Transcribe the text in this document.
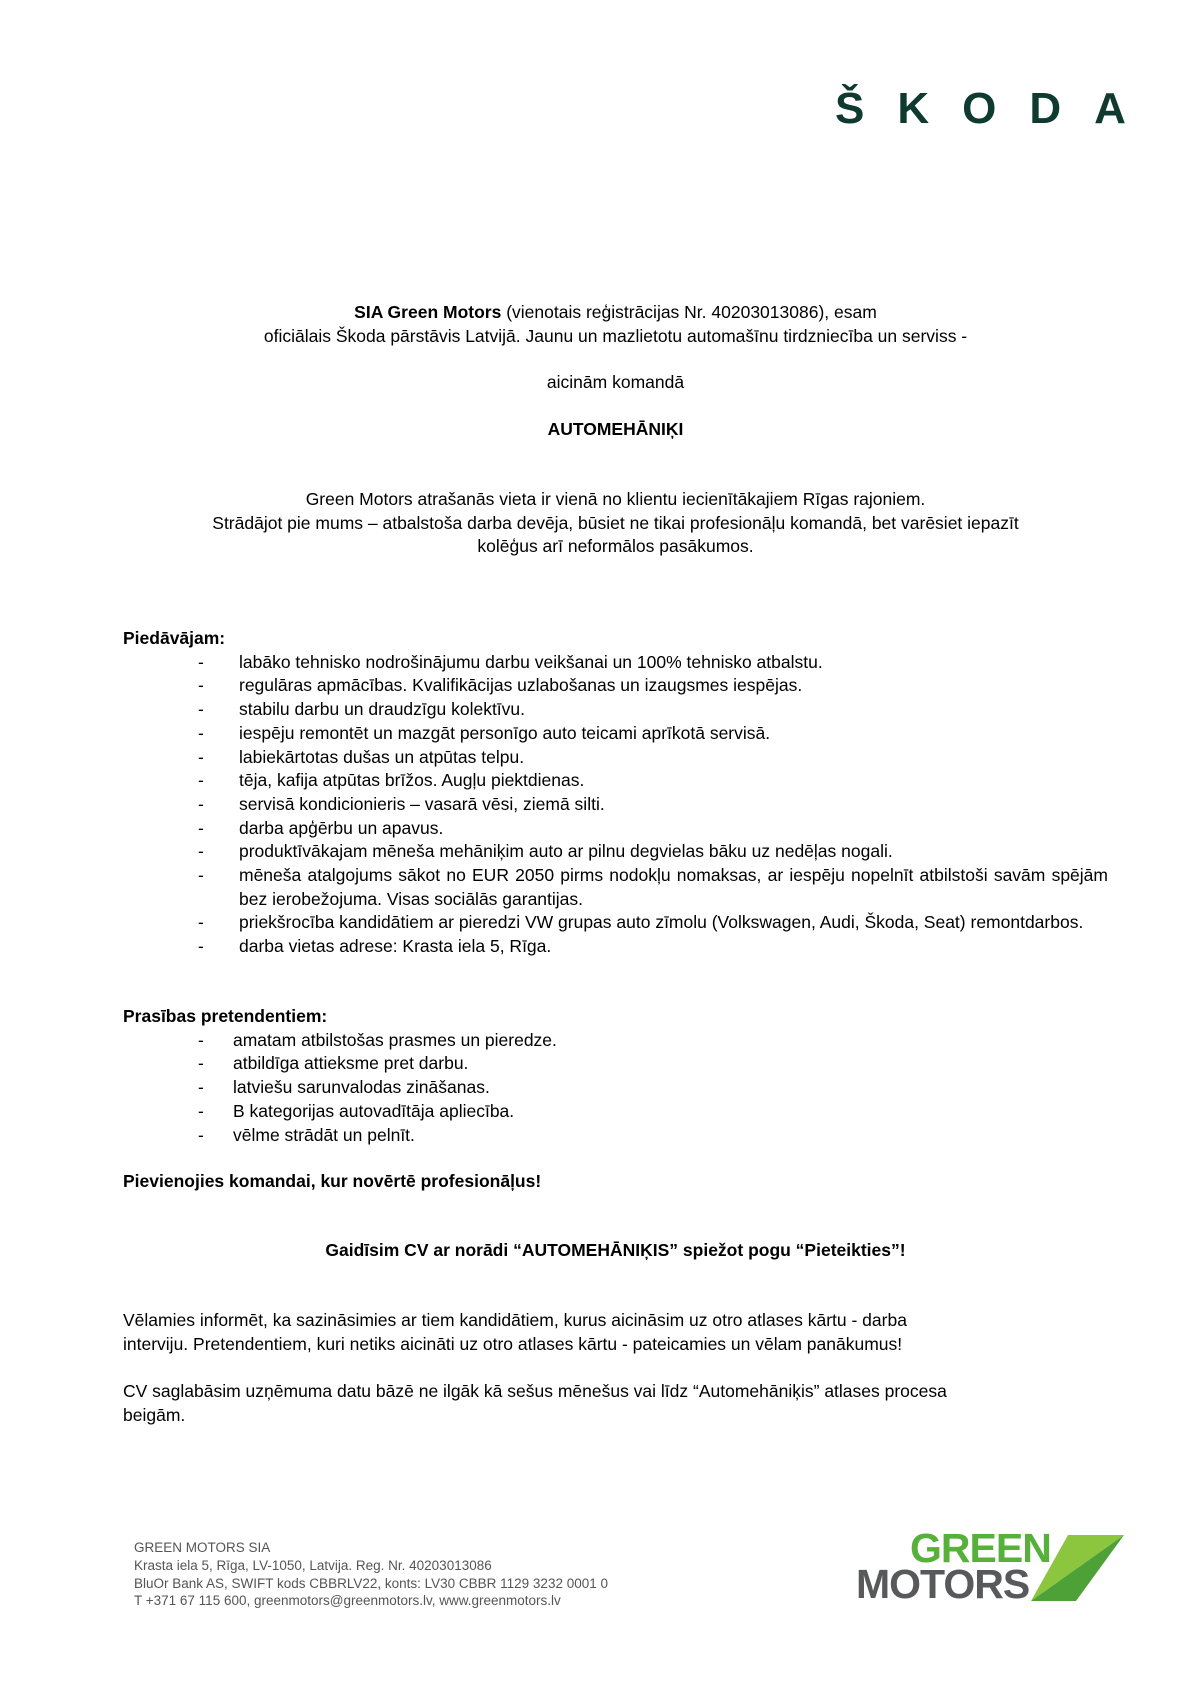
ŠKODA
SIA Green Motors (vienotais reģistrācijas Nr. 40203013086), esam
oficiālais Škoda pārstāvis Latvijā. Jaunu un mazlietotu automašīnu tirdzniecība un serviss -
aicinām komandā
AUTOMEHĀNIĶI
Green Motors atrašanās vieta ir vienā no klientu iecienītākajiem Rīgas rajoniem.
Strādājot pie mums – atbalstoša darba devēja, būsiet ne tikai profesionāļu komandā, bet varēsiet iepazīt
kolēģus arī neformālos pasākumos.
Piedāvājam:
- labāko tehnisko nodrošinājumu darbu veikšanai un 100% tehnisko atbalstu.
- regulāras apmācības. Kvalifikācijas uzlabošanas un izaugsmes iespējas.
- stabilu darbu un draudzīgu kolektīvu.
- iespēju remontēt un mazgāt personīgo auto teicami aprīkotā servisā.
- labiekārtotas dušas un atpūtas telpu.
- tēja, kafija atpūtas brīžos. Augļu piektdienas.
- servisā kondicionieris – vasarā vēsi, ziemā silti.
- darba apģērbu un apavus.
- produktīvākajam mēneša mehāniķim auto ar pilnu degvielas bāku uz nedēļas nogali.
- mēneša atalgojums sākot no EUR 2050 pirms nodokļu nomaksas, ar iespēju nopelnīt atbilstoši savām spējām bez ierobežojuma. Visas sociālās garantijas.
- priekšrocība kandidātiem ar pieredzi VW grupas auto zīmolu (Volkswagen, Audi, Škoda, Seat) remontdarbos.
- darba vietas adrese: Krasta iela 5, Rīga.
Prasības pretendentiem:
- amatam atbilstošas prasmes un pieredze.
- atbildīga attieksme pret darbu.
- latviešu sarunvalodas zināšanas.
- B kategorijas autovadītāja apliecība.
- vēlme strādāt un pelnīt.
Pievienojies komandai, kur novērtē profesionāļus!
Gaidīsim CV ar norādi “AUTOMEHĀNIĶIS” spiežot pogu “Pieteikties”!
Vēlamies informēt, ka sazināsimies ar tiem kandidātiem, kurus aicināsim uz otro atlases kārtu - darba
interviju. Pretendentiem, kuri netiks aicināti uz otro atlases kārtu - pateicamies un vēlam panākumus!
CV saglabāsim uzņēmuma datu bāzē ne ilgāk kā sešus mēnešus vai līdz “Automehāniķis” atlases procesa
beigām.
GREEN MOTORS SIA
Krasta iela 5, Rīga, LV-1050, Latvija. Reg. Nr. 40203013086
BluOr Bank AS, SWIFT kods CBBRLV22, konts: LV30 CBBR 1129 3232 0001 0
T +371 67 115 600, greenmotors@greenmotors.lv, www.greenmotors.lv
GREEN
MOTORS
